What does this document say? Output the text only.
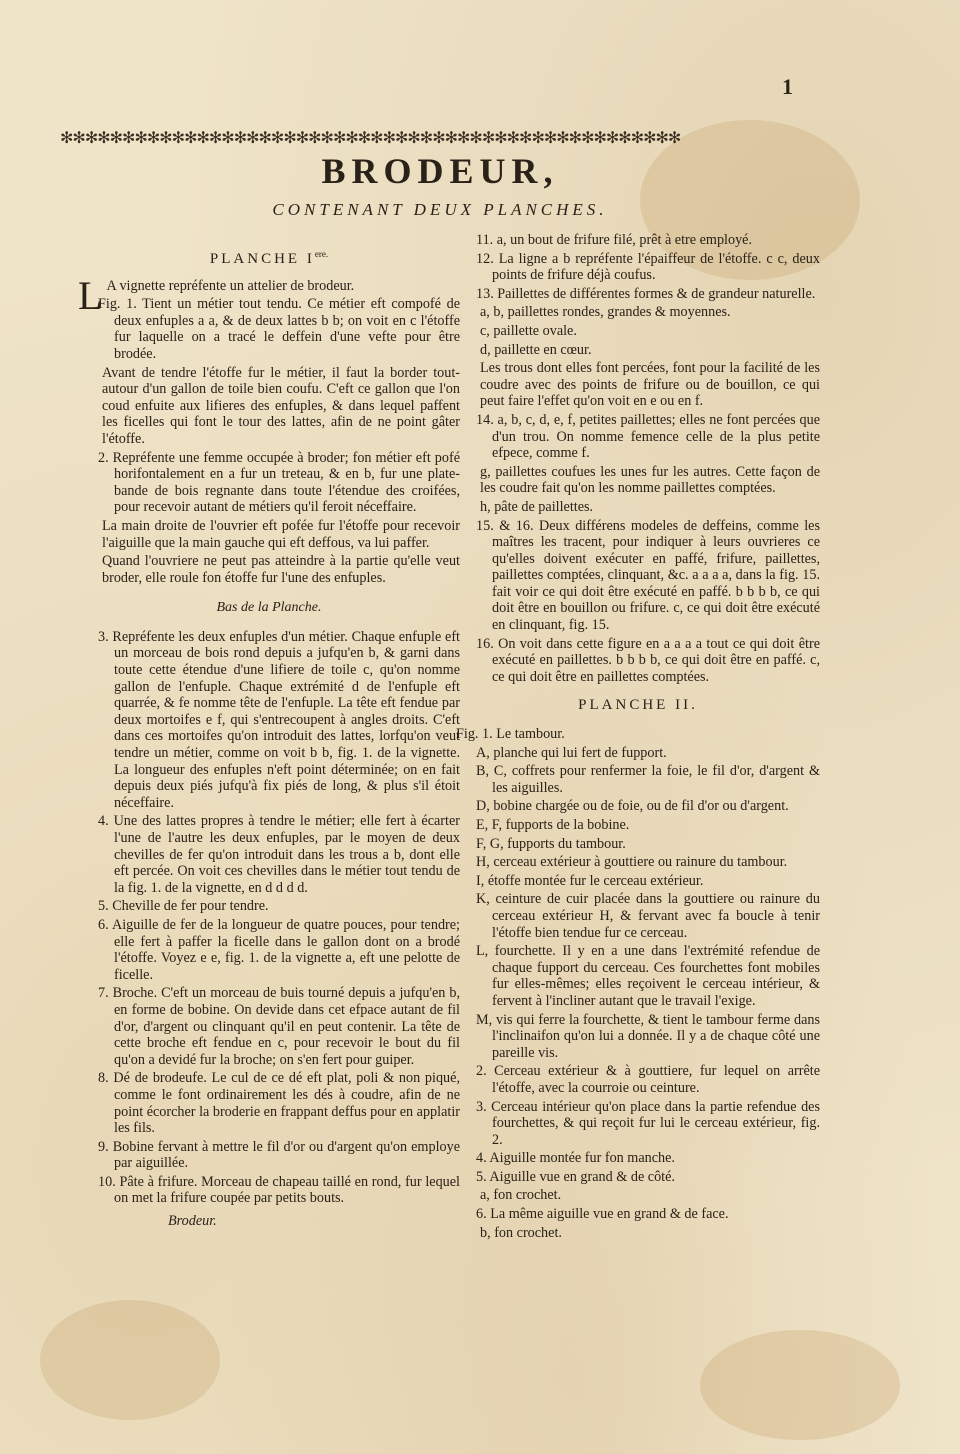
1
✻✻✻✻✻✻✻✻✻✻✻✻✻✻✻✻✻✻✻✻✻✻✻✻✻✻✻✻✻✻✻✻✻✻✻✻✻✻✻✻✻✻✻✻✻✻✻✻✻✻
BRODEUR,
CONTENANT DEUX PLANCHES.
PLANCHE $I^{ere.}$

L A vignette repréfente un attelier de brodeur.

Fig. 1. Tient un métier tout tendu. Ce métier eft compofé de deux enfuples a a, & de deux lattes b b; on voit en c l'étoffe fur laquelle on a tracé le deffein d'une vefte pour être brodée.

Avant de tendre l'étoffe fur le métier, il faut la border tout-autour d'un gallon de toile bien coufu. C'eft ce gallon que l'on coud enfuite aux lifieres des enfuples, & dans lequel paffent les ficelles qui font le tour des lattes, afin de ne point gâter l'étoffe.

2. Repréfente une femme occupée à broder; fon métier eft pofé horifontalement en a fur un treteau, & en b, fur une plate-bande de bois regnante dans toute l'étendue des croifées, pour recevoir autant de métiers qu'il feroit néceffaire.

La main droite de l'ouvrier eft pofée fur l'étoffe pour recevoir l'aiguille que la main gauche qui eft deffous, va lui paffer.

Quand l'ouvriere ne peut pas atteindre à la partie qu'elle veut broder, elle roule fon étoffe fur l'une des enfuples.

Bas de la Planche.

3. Repréfente les deux enfuples d'un métier. Chaque enfuple eft un morceau de bois rond depuis a jufqu'en b, & garni dans toute cette étendue d'une lifiere de toile c, qu'on nomme gallon de l'enfuple. Chaque extrémité d de l'enfuple eft quarrée, & fe nomme tête de l'enfuple. La tête eft fendue par deux mortoifes e f, qui s'entrecoupent à angles droits. C'eft dans ces mortoifes qu'on introduit des lattes, lorfqu'on veut tendre un métier, comme on voit b b, fig. 1. de la vignette. La longueur des enfuples n'eft point déterminée; on en fait depuis deux piés jufqu'à fix piés de long, & plus s'il étoit néceffaire.

4. Une des lattes propres à tendre le métier; elle fert à écarter l'une de l'autre les deux enfuples, par le moyen de deux chevilles de fer qu'on introduit dans les trous a b, dont elle eft percée. On voit ces chevilles dans le métier tout tendu de la fig. 1. de la vignette, en d d d d.

5. Cheville de fer pour tendre.

6. Aiguille de fer de la longueur de quatre pouces, pour tendre; elle fert à paffer la ficelle dans le gallon dont on a brodé l'étoffe. Voyez e e, fig. 1. de la vignette a, eft une pelotte de ficelle.

7. Broche. C'eft un morceau de buis tourné depuis a jufqu'en b, en forme de bobine. On devide dans cet efpace autant de fil d'or, d'argent ou clinquant qu'il en peut contenir. La tête de cette broche eft fendue en c, pour recevoir le bout du fil qu'on a devidé fur la broche; on s'en fert pour guiper.

8. Dé de brodeufe. Le cul de ce dé eft plat, poli & non piqué, comme le font ordinairement les dés à coudre, afin de ne point écorcher la broderie en frappant deffus pour en applatir les fils.

9. Bobine fervant à mettre le fil d'or ou d'argent qu'on employe par aiguillée.

10. Pâte à frifure. Morceau de chapeau taillé en rond, fur lequel on met la frifure coupée par petits bouts.

Brodeur.

11. a, un bout de frifure filé, prêt à etre employé.

12. La ligne a b repréfente l'épaiffeur de l'étoffe. c c, deux points de frifure déjà coufus.

13. Paillettes de différentes formes & de grandeur naturelle.

a, b, paillettes rondes, grandes & moyennes.

c, paillette ovale.

d, paillette en cœur.

Les trous dont elles font percées, font pour la facilité de les coudre avec des points de frifure ou de bouillon, ce qui peut faire l'effet qu'on voit en e ou en f.

14. a, b, c, d, e, f, petites paillettes; elles ne font percées que d'un trou. On nomme femence celle de la plus petite efpece, comme f.

g, paillettes coufues les unes fur les autres. Cette façon de les coudre fait qu'on les nomme paillettes comptées.

h, pâte de paillettes.

15. & 16. Deux différens modeles de deffeins, comme les maîtres les tracent, pour indiquer à leurs ouvrieres ce qu'elles doivent exécuter en paffé, frifure, paillettes, paillettes comptées, clinquant, &c. a a a a, dans la fig. 15. fait voir ce qui doit être exécuté en paffé. b b b b, ce qui doit être en bouillon ou frifure. c, ce qui doit être exécuté en clinquant, fig. 15.

16. On voit dans cette figure en a a a a tout ce qui doit être exécuté en paillettes. b b b b, ce qui doit être en paffé. c, ce qui doit être en paillettes comptées.

PLANCHE II.

Fig. 1. Le tambour.

A, planche qui lui fert de fupport.

B, C, coffrets pour renfermer la foie, le fil d'or, d'argent & les aiguilles.

D, bobine chargée ou de foie, ou de fil d'or ou d'argent.

E, F, fupports de la bobine.

F, G, fupports du tambour.

H, cerceau extérieur à gouttiere ou rainure du tambour.

I, étoffe montée fur le cerceau extérieur.

K, ceinture de cuir placée dans la gouttiere ou rainure du cerceau extérieur H, & fervant avec fa boucle à tenir l'étoffe bien tendue fur ce cerceau.

L, fourchette. Il y en a une dans l'extrémité refendue de chaque fupport du cerceau. Ces fourchettes font mobiles fur elles-mêmes; elles reçoivent le cerceau intérieur, & fervent à l'incliner autant que le travail l'exige.

M, vis qui ferre la fourchette, & tient le tambour ferme dans l'inclinaifon qu'on lui a donnée. Il y a de chaque côté une pareille vis.

2. Cerceau extérieur & à gouttiere, fur lequel on arrête l'étoffe, avec la courroie ou ceinture.

3. Cerceau intérieur qu'on place dans la partie refendue des fourchettes, & qui reçoit fur lui le cerceau extérieur, fig. 2.

4. Aiguille montée fur fon manche.

5. Aiguille vue en grand & de côté.

a, fon crochet.

6. La même aiguille vue en grand & de face.

b, fon crochet.
